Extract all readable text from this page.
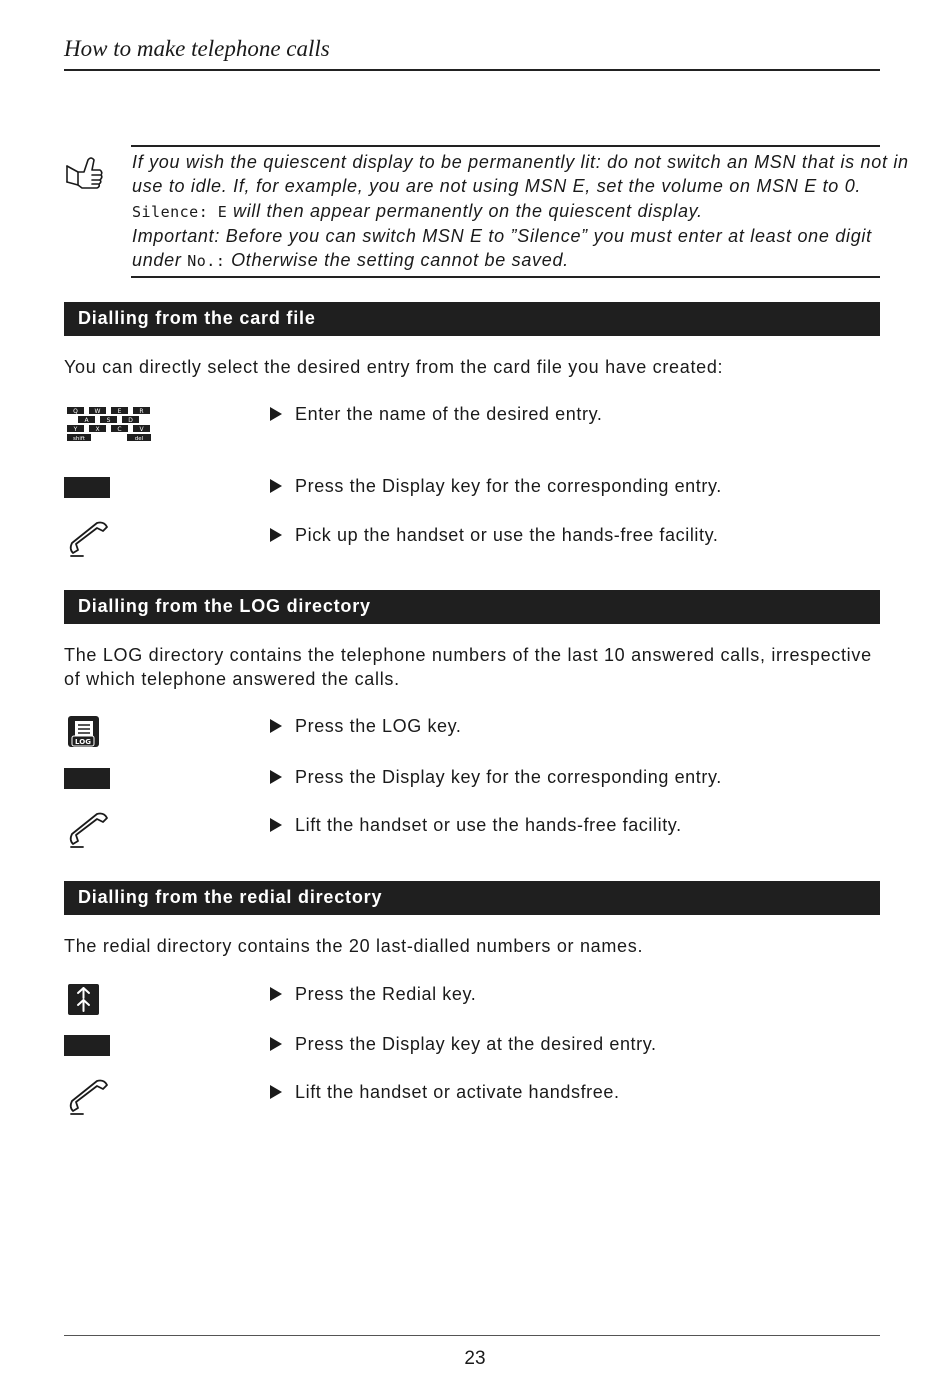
How to make telephone calls
If you wish the quiescent display to be permanently lit: do not switch an MSN that is not in
use to idle. If, for example, you are not using MSN E, set the volume on MSN E to 0.
Silence: E will then appear permanently on the quiescent display.
Important: Before you can switch MSN E to ”Silence” you must enter at least one digit
under No.: Otherwise the setting cannot be saved.
Dialling from the card file
You can directly select the desired entry from the card file you have created:
Q	W	E	R
A	S	D
Y	X	C	V
shift	del
Enter the name of the desired entry.
Press the Display key for the corresponding entry.
Pick up the handset or use the hands-free facility.
Dialling from the LOG directory
The LOG directory contains the telephone numbers of the last 10 answered calls, irrespective of which telephone answered the calls.
LOG
Press the LOG key.
Press the Display key for the corresponding entry.
Lift the handset or use the hands-free facility.
Dialling from the redial directory
The redial directory contains the 20 last-dialled numbers or names.
Press the Redial key.
Press the Display key at the desired entry.
Lift the handset or activate handsfree.
23
